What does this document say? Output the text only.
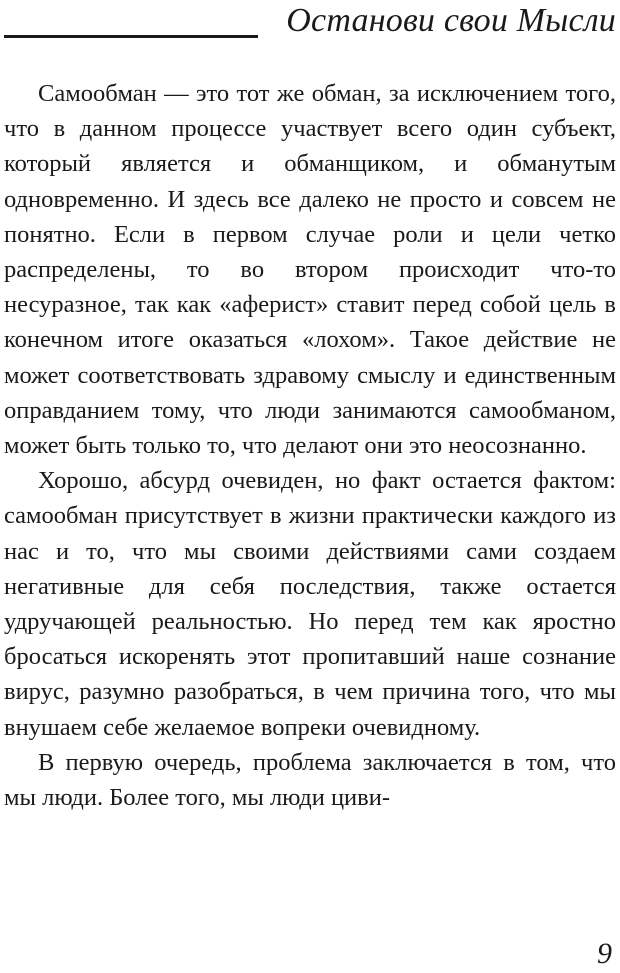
Останови свои Мысли

Самообман — это тот же обман, за исключением того, что в данном процессе участвует всего один субъект, который является и обманщиком, и обманутым одновременно. И здесь все далеко не просто и совсем не понятно. Если в первом случае роли и цели четко распределены, то во втором происходит что-то несуразное, так как «аферист» ставит перед собой цель в конечном итоге оказаться «лохом». Такое действие не может соответствовать здравому смыслу и единственным оправданием тому, что люди занимаются самообманом, может быть только то, что делают они это неосознанно.

Хорошо, абсурд очевиден, но факт остается фактом: самообман присутствует в жизни практически каждого из нас и то, что мы своими действиями сами создаем негативные для себя последствия, также остается удручающей реальностью. Но перед тем как яростно бросаться искоренять этот пропитавший наше сознание вирус, разумно разобраться, в чем причина того, что мы внушаем себе желаемое вопреки очевидному.

В первую очередь, проблема заключается в том, что мы люди. Более того, мы люди циви-

9
